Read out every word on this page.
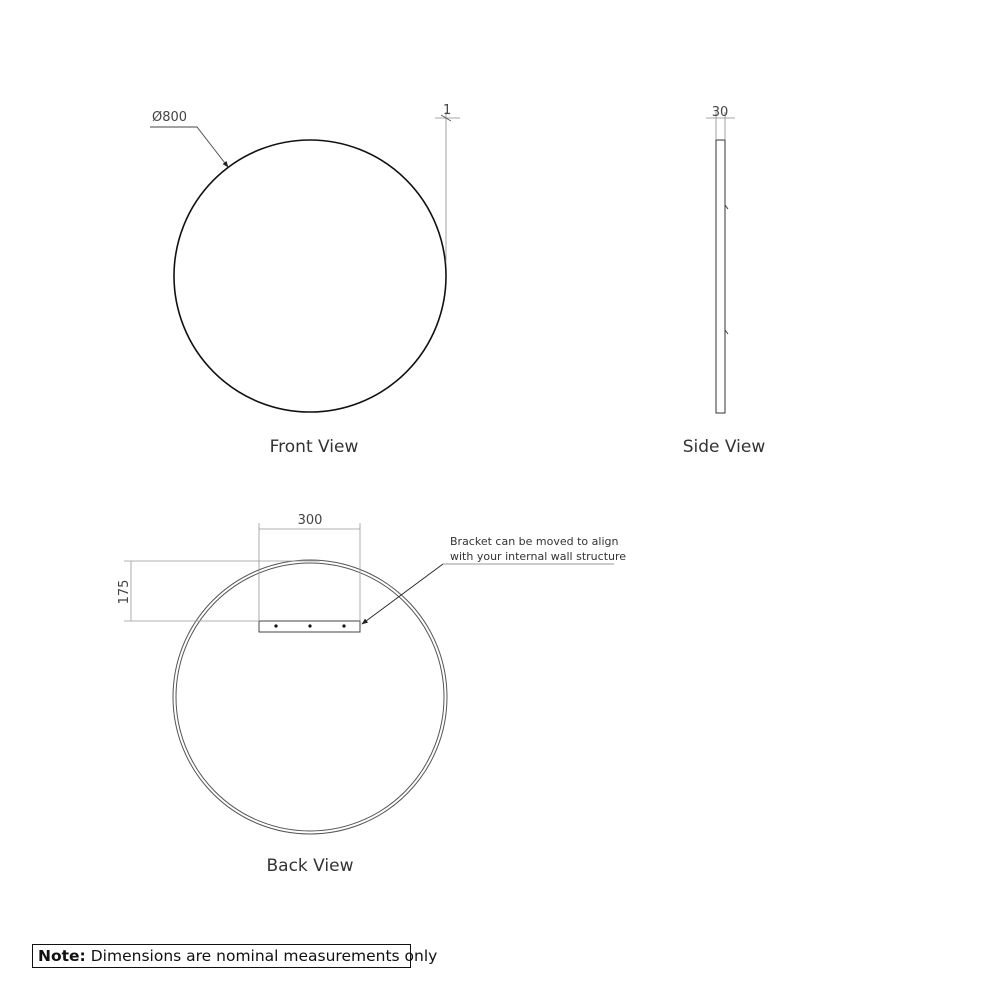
Ø800	1
Front View
30
Side View
300
175
Bracket can be moved to align
with your internal wall structure
Back View
Note: Dimensions are nominal measurements only
